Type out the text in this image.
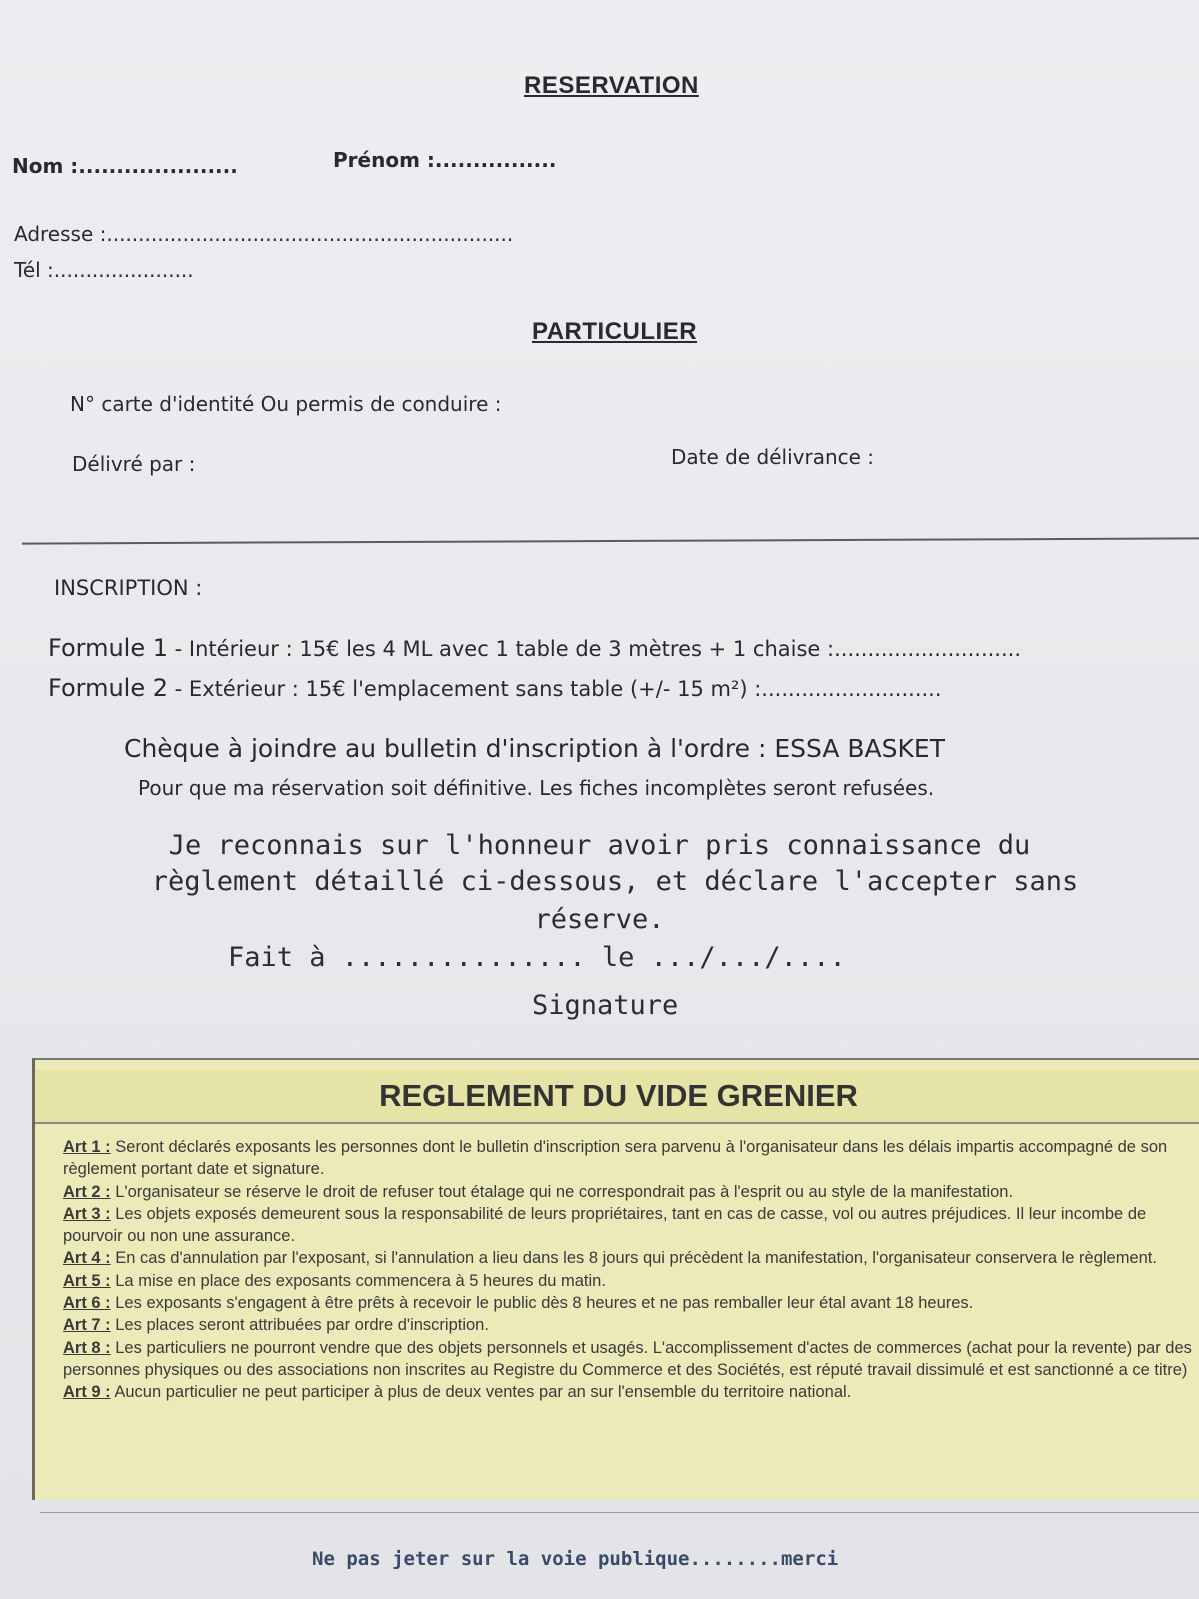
RESERVATION
Nom :.....................	Prénom :................
Adresse :................................................................
Tél :......................
PARTICULIER
N° carte d'identité Ou permis de conduire :
Délivré par :	Date de délivrance :
INSCRIPTION :
Formule 1 - Intérieur : 15€ les 4 ML avec 1 table de 3 mètres + 1 chaise :............................
Formule 2 - Extérieur : 15€ l'emplacement sans table (+/- 15 m²) :...........................
Chèque à joindre au bulletin d'inscription à l'ordre : ESSA BASKET
Pour que ma réservation soit définitive. Les fiches incomplètes seront refusées.
Je reconnais sur l'honneur avoir pris connaissance du
règlement détaillé ci-dessous, et déclare l'accepter sans
réserve.
Fait à ............... le .../.../....
Signature
REGLEMENT DU VIDE GRENIER
Art 1 : Seront déclarés exposants les personnes dont le bulletin d'inscription sera parvenu à l'organisateur dans les délais impartis accompagné de son règlement portant date et signature.
Art 2 : L'organisateur se réserve le droit de refuser tout étalage qui ne correspondrait pas à l'esprit ou au style de la manifestation.
Art 3 : Les objets exposés demeurent sous la responsabilité de leurs propriétaires, tant en cas de casse, vol ou autres préjudices. Il leur incombe de pourvoir ou non une assurance.
Art 4 : En cas d'annulation par l'exposant, si l'annulation a lieu dans les 8 jours qui précèdent la manifestation, l'organisateur conservera le règlement.
Art 5 : La mise en place des exposants commencera à 5 heures du matin.
Art 6 : Les exposants s'engagent à être prêts à recevoir le public dès 8 heures et ne pas remballer leur étal avant 18 heures.
Art 7 : Les places seront attribuées par ordre d'inscription.
Art 8 : Les particuliers ne pourront vendre que des objets personnels et usagés. L'accomplissement d'actes de commerces (achat pour la revente) par des personnes physiques ou des associations non inscrites au Registre du Commerce et des Sociétés, est réputé travail dissimulé et est sanctionné a ce titre)
Art 9 : Aucun particulier ne peut participer à plus de deux ventes par an sur l'ensemble du territoire national.
Ne pas jeter sur la voie publique........merci
